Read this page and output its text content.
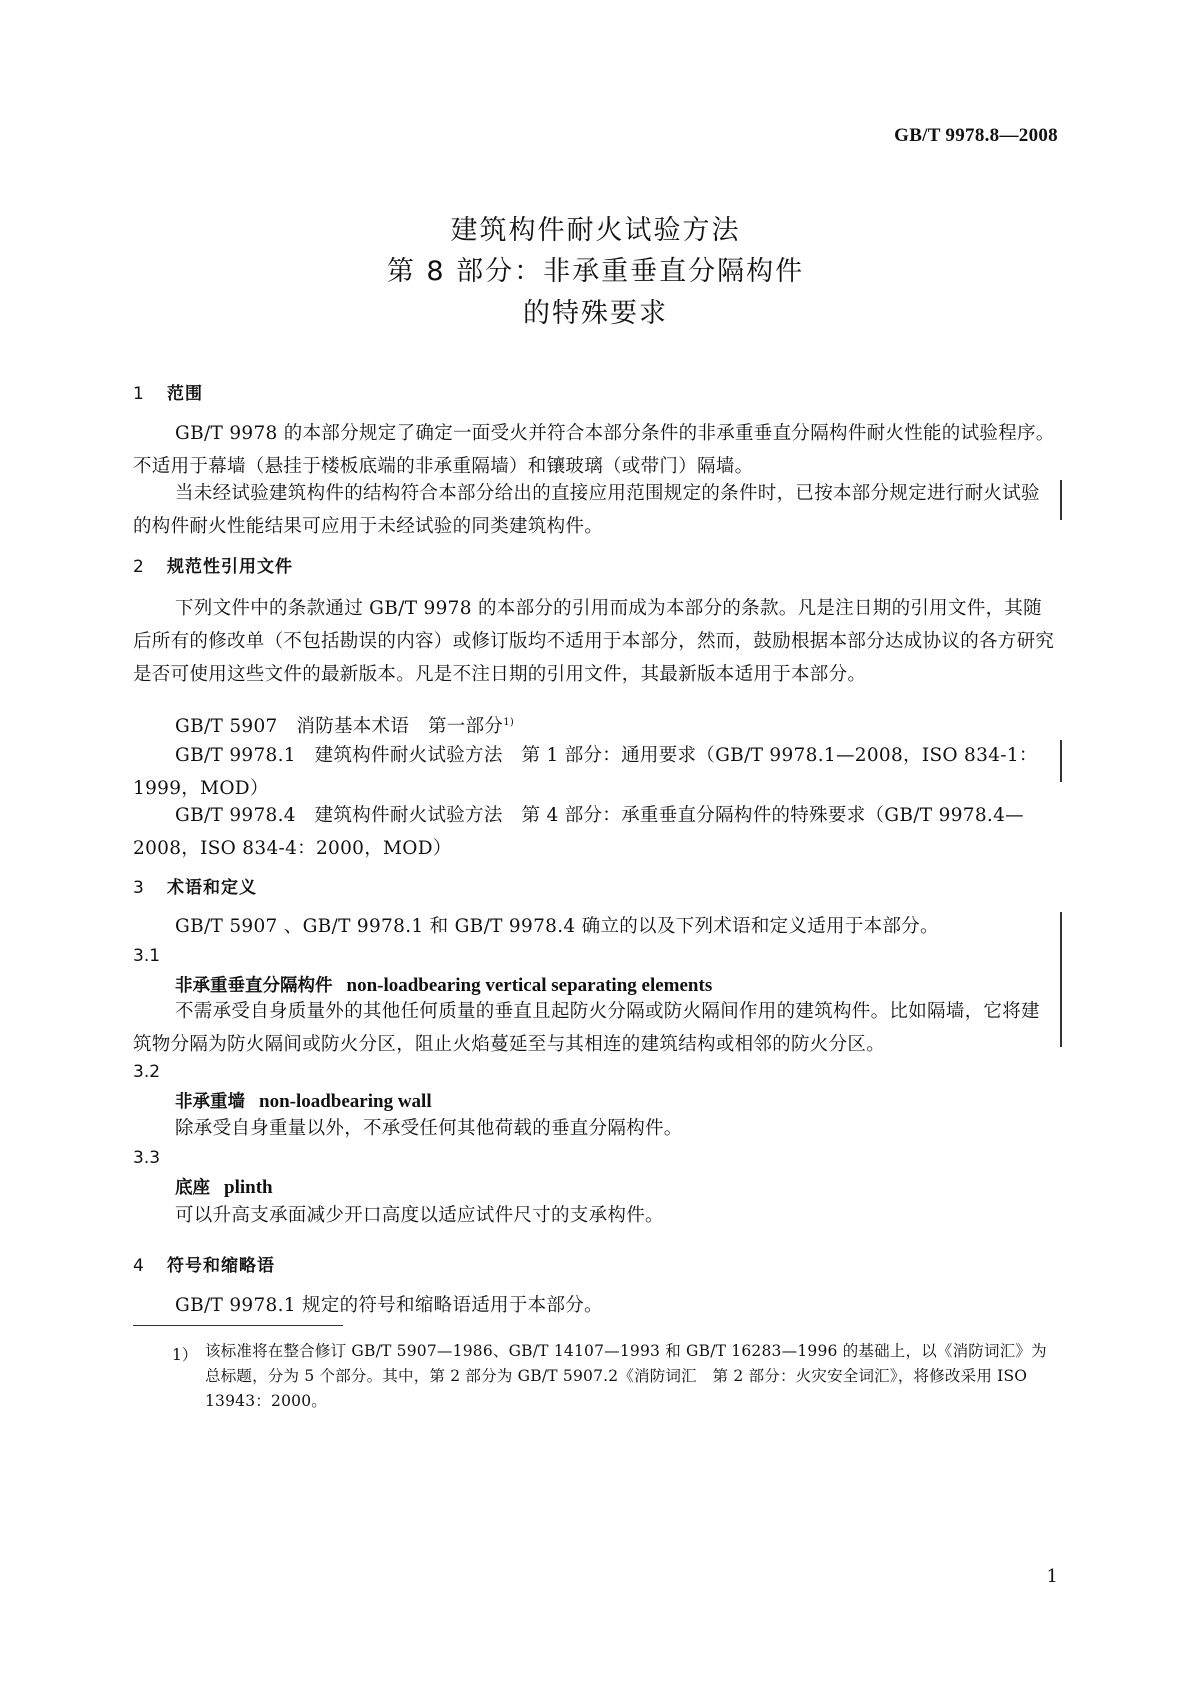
GB/T 9978.8—2008
建筑构件耐火试验方法
第 8 部分：非承重垂直分隔构件
的特殊要求
1 范围
GB/T 9978 的本部分规定了确定一面受火并符合本部分条件的非承重垂直分隔构件耐火性能的试验程序。不适用于幕墙（悬挂于楼板底端的非承重隔墙）和镶玻璃（或带门）隔墙。
当未经试验建筑构件的结构符合本部分给出的直接应用范围规定的条件时，已按本部分规定进行耐火试验的构件耐火性能结果可应用于未经试验的同类建筑构件。
2 规范性引用文件
下列文件中的条款通过 GB/T 9978 的本部分的引用而成为本部分的条款。凡是注日期的引用文件，其随后所有的修改单（不包括勘误的内容）或修订版均不适用于本部分，然而，鼓励根据本部分达成协议的各方研究是否可使用这些文件的最新版本。凡是不注日期的引用文件，其最新版本适用于本部分。
GB/T 5907　消防基本术语　第一部分$^{1)}$
GB/T 9978.1　建筑构件耐火试验方法　第 1 部分：通用要求（GB/T 9978.1—2008，ISO 834-1：1999，MOD）
GB/T 9978.4　建筑构件耐火试验方法　第 4 部分：承重垂直分隔构件的特殊要求（GB/T 9978.4—2008，ISO 834-4：2000，MOD）
3 术语和定义
GB/T 5907 、GB/T 9978.1 和 GB/T 9978.4 确立的以及下列术语和定义适用于本部分。
3.1
非承重垂直分隔构件 non-loadbearing vertical separating elements
不需承受自身质量外的其他任何质量的垂直且起防火分隔或防火隔间作用的建筑构件。比如隔墙，它将建筑物分隔为防火隔间或防火分区，阻止火焰蔓延至与其相连的建筑结构或相邻的防火分区。
3.2
非承重墙 non-loadbearing wall
除承受自身重量以外，不承受任何其他荷载的垂直分隔构件。
3.3
底座 plinth
可以升高支承面减少开口高度以适应试件尺寸的支承构件。
4 符号和缩略语
GB/T 9978.1 规定的符号和缩略语适用于本部分。
1） 该标准将在整合修订 GB/T 5907—1986、GB/T 14107—1993 和 GB/T 16283—1996 的基础上，以《消防词汇》为总标题，分为 5 个部分。其中，第 2 部分为 GB/T 5907.2《消防词汇　第 2 部分：火灾安全词汇》，将修改采用 ISO 13943：2000。
1
